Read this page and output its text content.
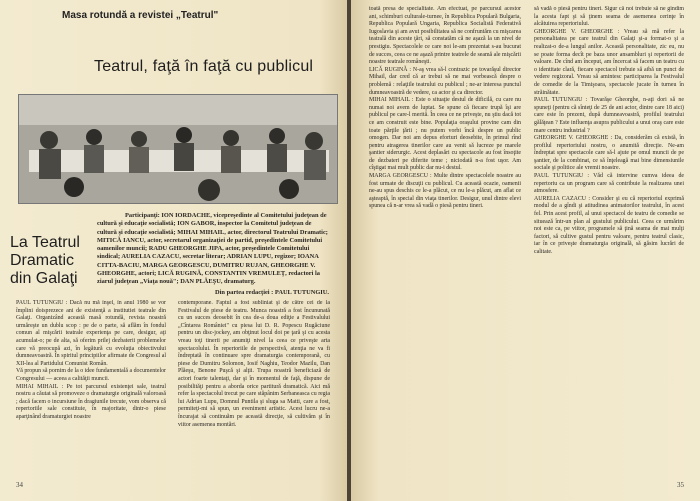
Masa rotundă a revistei „Teatrul"
Teatrul, faţă în faţă cu publicul
La Teatrul Dramatic din Galaţi

Participanţi: ION IORDACHE, vicepreşedinte al Comitetului judeţean de cultură şi educaţie socialistă; ION GABOR, inspector la Comitetul judeţean de cultură şi educaţie socialistă; MIHAI MIHAIL, actor, directorul Teatrului Dramatic; MITICĂ IANCU, actor, secretarul organizaţiei de partid, preşedintele Comitetului oamenilor muncii; RADU GHEORGHE JIPA, actor, preşedintele Comitetului sindical; AURELIA CAZACU, secretar literar; ADRIAN LUPU, regizor; IOANA CITTA-BACIU, MARGA GEORGESCU, DUMITRU RUJAN, GHEORGHE V. GHEORGHE, actori; LICĂ RUGINĂ, CONSTANTIN VREMULEŢ, redactori la ziarul judeţean „Viaţa nouă"; DAN PLĂEŞU, dramaturg.

Din partea redacţiei : PAUL TUTUNGIU.

PAUL TUTUNGIU : Dacă nu mă înşel, în anul 1980 se vor împlini doisprezece ani de existenţă a institutiei teatrale din Galaţi. Organizând această masă rotundă, revista noastră urmăreşte un dublu scop : pe de o parte, să aflăm în fondul comun al mişcării teatrale experienţa pe care, desigur, aţi acumulat-o; pe de alta, să oferim prilej dezbaterii problemelor care vă preocupă azi, în legătură cu evoluţia obiectivului dumneavoastră. În spiritul principiilor afirmate de Congresul al XII-lea al Partidului Comunist Român.
Vă propun să pornim de la o idee fundamentală a documentelor Congresului — aceea a calităţii muncii.
MIHAI MIHAIL : Pe tot parcursul existenţei sale, teatrul nostru a căutat să promoveze o dramaturgie originală valoroasă ; dacă facem o incursiune în dragiunile trecute, vom observa că repertoriile sale constituie, în majoritate, dintr-o piese aparţinând dramaturgiei noastre
contemporane. Faptul a fost subliniat şi de către cei de la Festivalul de piese de teatru. Munca noastră a fost încununată cu un succes deosebit în cea de-a doua ediţie a Festivalului „Cîntarea României" cu piesa lui D. R. Popescu Rugăciune pentru un disc-jockey, am obţinut locul doi pe ţară şi cu acesta vreau toţi tinerii pe anumiţi nivel la ceea ce priveşte arta spectacolului. În repertoriile de perspectivă, atenţia ne va fi îndreptată în continuare spre dramaturgia contemporană, cu piese de Dumitru Solomon, Iosif Naghiu, Teodor Mazilu, Dan Plăeşu, Benone Puşcă şi alţii. Trupa noastră beneficiază de actori foarte talentaţi, dar şi în momentul de faţă, dispune de posibilităţi pentru a aborda orice partitură dramatică. Aici mă refer la spectacolul trecut pe care stăpânim Serbaneasca cu regia lui Adrian Lupu, Domnul Puntila şi sluga sa Matti, care a fost, permiteţi-mi să spun, un eveniment artistic. Acest lucru ne-a încurajat să continuăm pe această direcţie, să cultivăm şi în viitor asemenea montări.
34
toată presa de specialitate. Am efectuat, pe parcursul acestor ani, schimburi culturale-turnee, în Republica Populară Bulgaria, Republica Populară Ungaria, Republica Socialistă Federativă Iugoslavia şi am avut posibilitatea să ne confruntăm cu mişcarea teatrală din aceste ţări, să constatăm că ne aşază la un nivel de prestigiu. Spectacolele ce care noi le-am prezentat s-au bucurat de succes, ceea ce ne aşază printre teatrele de seamă ale mişcării noastre teatrale româneşti.
LICĂ RUGINĂ : N-aş vrea să-l contrazic pe tovarăşul director Mihail, dar cred că ar trebui să ne mai vorbească despre o problemă : relaţiile teatrului cu publicul ; ne-ar interesa punctul dumneavoastră de vedere, ca actor şi ca director.
MIHAI MIHAIL : Este o situaţie destul de dificilă, cu care nu numai noi avem de luptat. Se spune că fiecare trupă îşi are publicul pe care-l merită. În ceea ce ne priveşte, nu ştiu dacă tot ce am construit este bine. Populaţia oraşului provine cam din toate părţile ţării ; nu putem vorbi încă despre un public omogen. Dar noi am depus eforturi deosebite, în primul rînd pentru atragerea tinerilor care au venit să lucreze pe marele şantier siderurgic. Acest deplasări cu spectacole au fost însoţite de dezbateri pe diferite teme ; niciodată n-a fost uşor. Am cîştigat mai mult public dar nu-i destul.
MARGA GEORGESCU : Multe dintre spectacolele noastre au fost urmate de discuţii cu publicul. Cu această ocazie, oamenii ne-au spus deschis ce le-a plăcut, ce nu le-a plăcut, am aflat ce aşteaptă, în special din viaţa tinerilor. Desigur, unul dintre elevi spunea că n-ar vrea să vadă o piesă pentru tineri.
să vadă o piesă pentru tineri. Sigur că noi trebuie să ne gîndim la acesta fapt şi să ţinem seama de asemenea cerinţe în alcătuirea repertoriului.
GHEORGHE V. GHEORGHE : Vreau să mă refer la personalitatea pe care teatrul din Galaţi şi-a format-o şi a realizat-o de-a lungul anilor. Această personalitate, zic eu, nu se poate forma decît pe baza unor ansambluri şi repertorii de valoare. De cînd am început, am încercat să facem un teatru cu o identitate clară, fiecare spectacol trebuie să aibă un punct de vedere regizoral. Vreau să amintesc participarea la Festivalul de comedie de la Timişoara, spectacole jucate în turneu în străinătate.
PAUL TUTUNGIU : Tovarăşe Gheorghe, n-aţi dori să ne spuneţi (pentru că sînteţi de 25 de ani actor, dintre care 18 aici) care este în prezent, după dumneavoastră, profilul teatrului gălăţean ? Este influenţa asupra publicului a unui oraş care este mare centru industrial ?
GHEORGHE V. GHEORGHE : Da, considerăm că există, în profilul repertoriului nostru, o anumită direcţie. Ne-am îndreptat spre spectacole care să-l ajute pe omul muncii de pe şantier, de la combinat, ce să înţeleagă mai bine dimensiunile sociale şi politice ale vremii noastre.
PAUL TUTUNGIU : Văd că intervine cumva ideea de repertoriu ca un program care să contribuie la realizarea unei atmosfere.
AURELIA CAZACU : Consider şi eu că repertoriul exprimă modul de a gîndi şi atitudinea animatorilor teatrului, în acest fel. Prin acest profil, al unui spectacol de teatru de comedie se situează într-un plan al gustului publicului. Ceea ce urmărim noi este ca, pe viitor, programele să ţină seama de mai mulţi factori, să cultive gustul pentru valoare, pentru teatrul clasic, iar în ce priveşte dramaturgia originală, să găsim lucrări de calitate.
35
